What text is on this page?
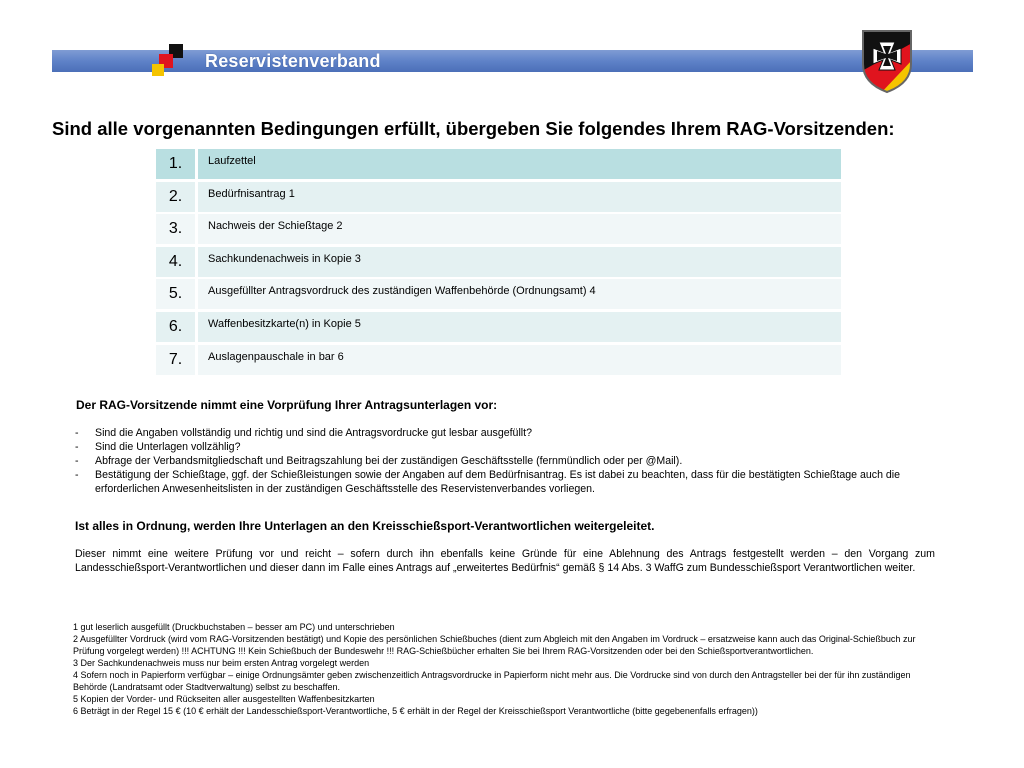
Reservistenverband
Sind alle vorgenannten Bedingungen erfüllt, übergeben Sie folgendes Ihrem RAG-Vorsitzenden:
1.	Laufzettel
2.	Bedürfnisantrag 1
3.	Nachweis der Schießtage 2
4.	Sachkundenachweis in Kopie 3
5.	Ausgefüllter Antragsvordruck des zuständigen Waffenbehörde (Ordnungsamt) 4
6.	Waffenbesitzkarte(n) in Kopie 5
7.	Auslagenpauschale in bar 6
Der RAG-Vorsitzende nimmt eine Vorprüfung Ihrer Antragsunterlagen vor:
- Sind die Angaben vollständig und richtig und sind die Antragsvordrucke gut lesbar ausgefüllt?
- Sind die Unterlagen vollzählig?
- Abfrage der Verbandsmitgliedschaft und Beitragszahlung bei der zuständigen Geschäftsstelle (fernmündlich oder per @Mail).
- Bestätigung der Schießtage, ggf. der Schießleistungen sowie der Angaben auf dem Bedürfnisantrag. Es ist dabei zu beachten, dass für die bestätigten Schießtage auch die erforderlichen Anwesenheitslisten in der zuständigen Geschäftsstelle des Reservistenverbandes vorliegen.
Ist alles in Ordnung, werden Ihre Unterlagen an den Kreisschießsport-Verantwortlichen weitergeleitet.
Dieser nimmt eine weitere Prüfung vor und reicht – sofern durch ihn ebenfalls keine Gründe für eine Ablehnung des Antrags festgestellt werden – den Vorgang zum Landesschießsport-Verantwortlichen und dieser dann im Falle eines Antrags auf „erweitertes Bedürfnis“ gemäß § 14 Abs. 3 WaffG zum Bundesschießsport Verantwortlichen weiter.
1 gut leserlich ausgefüllt (Druckbuchstaben – besser am PC) und unterschrieben
2 Ausgefüllter Vordruck (wird vom RAG-Vorsitzenden bestätigt) und Kopie des persönlichen Schießbuches (dient zum Abgleich mit den Angaben im Vordruck – ersatzweise kann auch das Original-Schießbuch zur Prüfung vorgelegt werden) !!! ACHTUNG !!! Kein Schießbuch der Bundeswehr !!! RAG-Schießbücher erhalten Sie bei Ihrem RAG-Vorsitzenden oder bei den Schießsportverantwortlichen.
3 Der Sachkundenachweis muss nur beim ersten Antrag vorgelegt werden
4 Sofern noch in Papierform verfügbar – einige Ordnungsämter geben zwischenzeitlich Antragsvordrucke in Papierform nicht mehr aus. Die Vordrucke sind von durch den Antragsteller bei der für ihn zuständigen Behörde (Landratsamt oder Stadtverwaltung) selbst zu beschaffen.
5 Kopien der Vorder- und Rückseiten aller ausgestellten Waffenbesitzkarten
6 Beträgt in der Regel 15 € (10 € erhält der Landesschießsport-Verantwortliche, 5 € erhält in der Regel der Kreisschießsport Verantwortliche (bitte gegebenenfalls erfragen))
